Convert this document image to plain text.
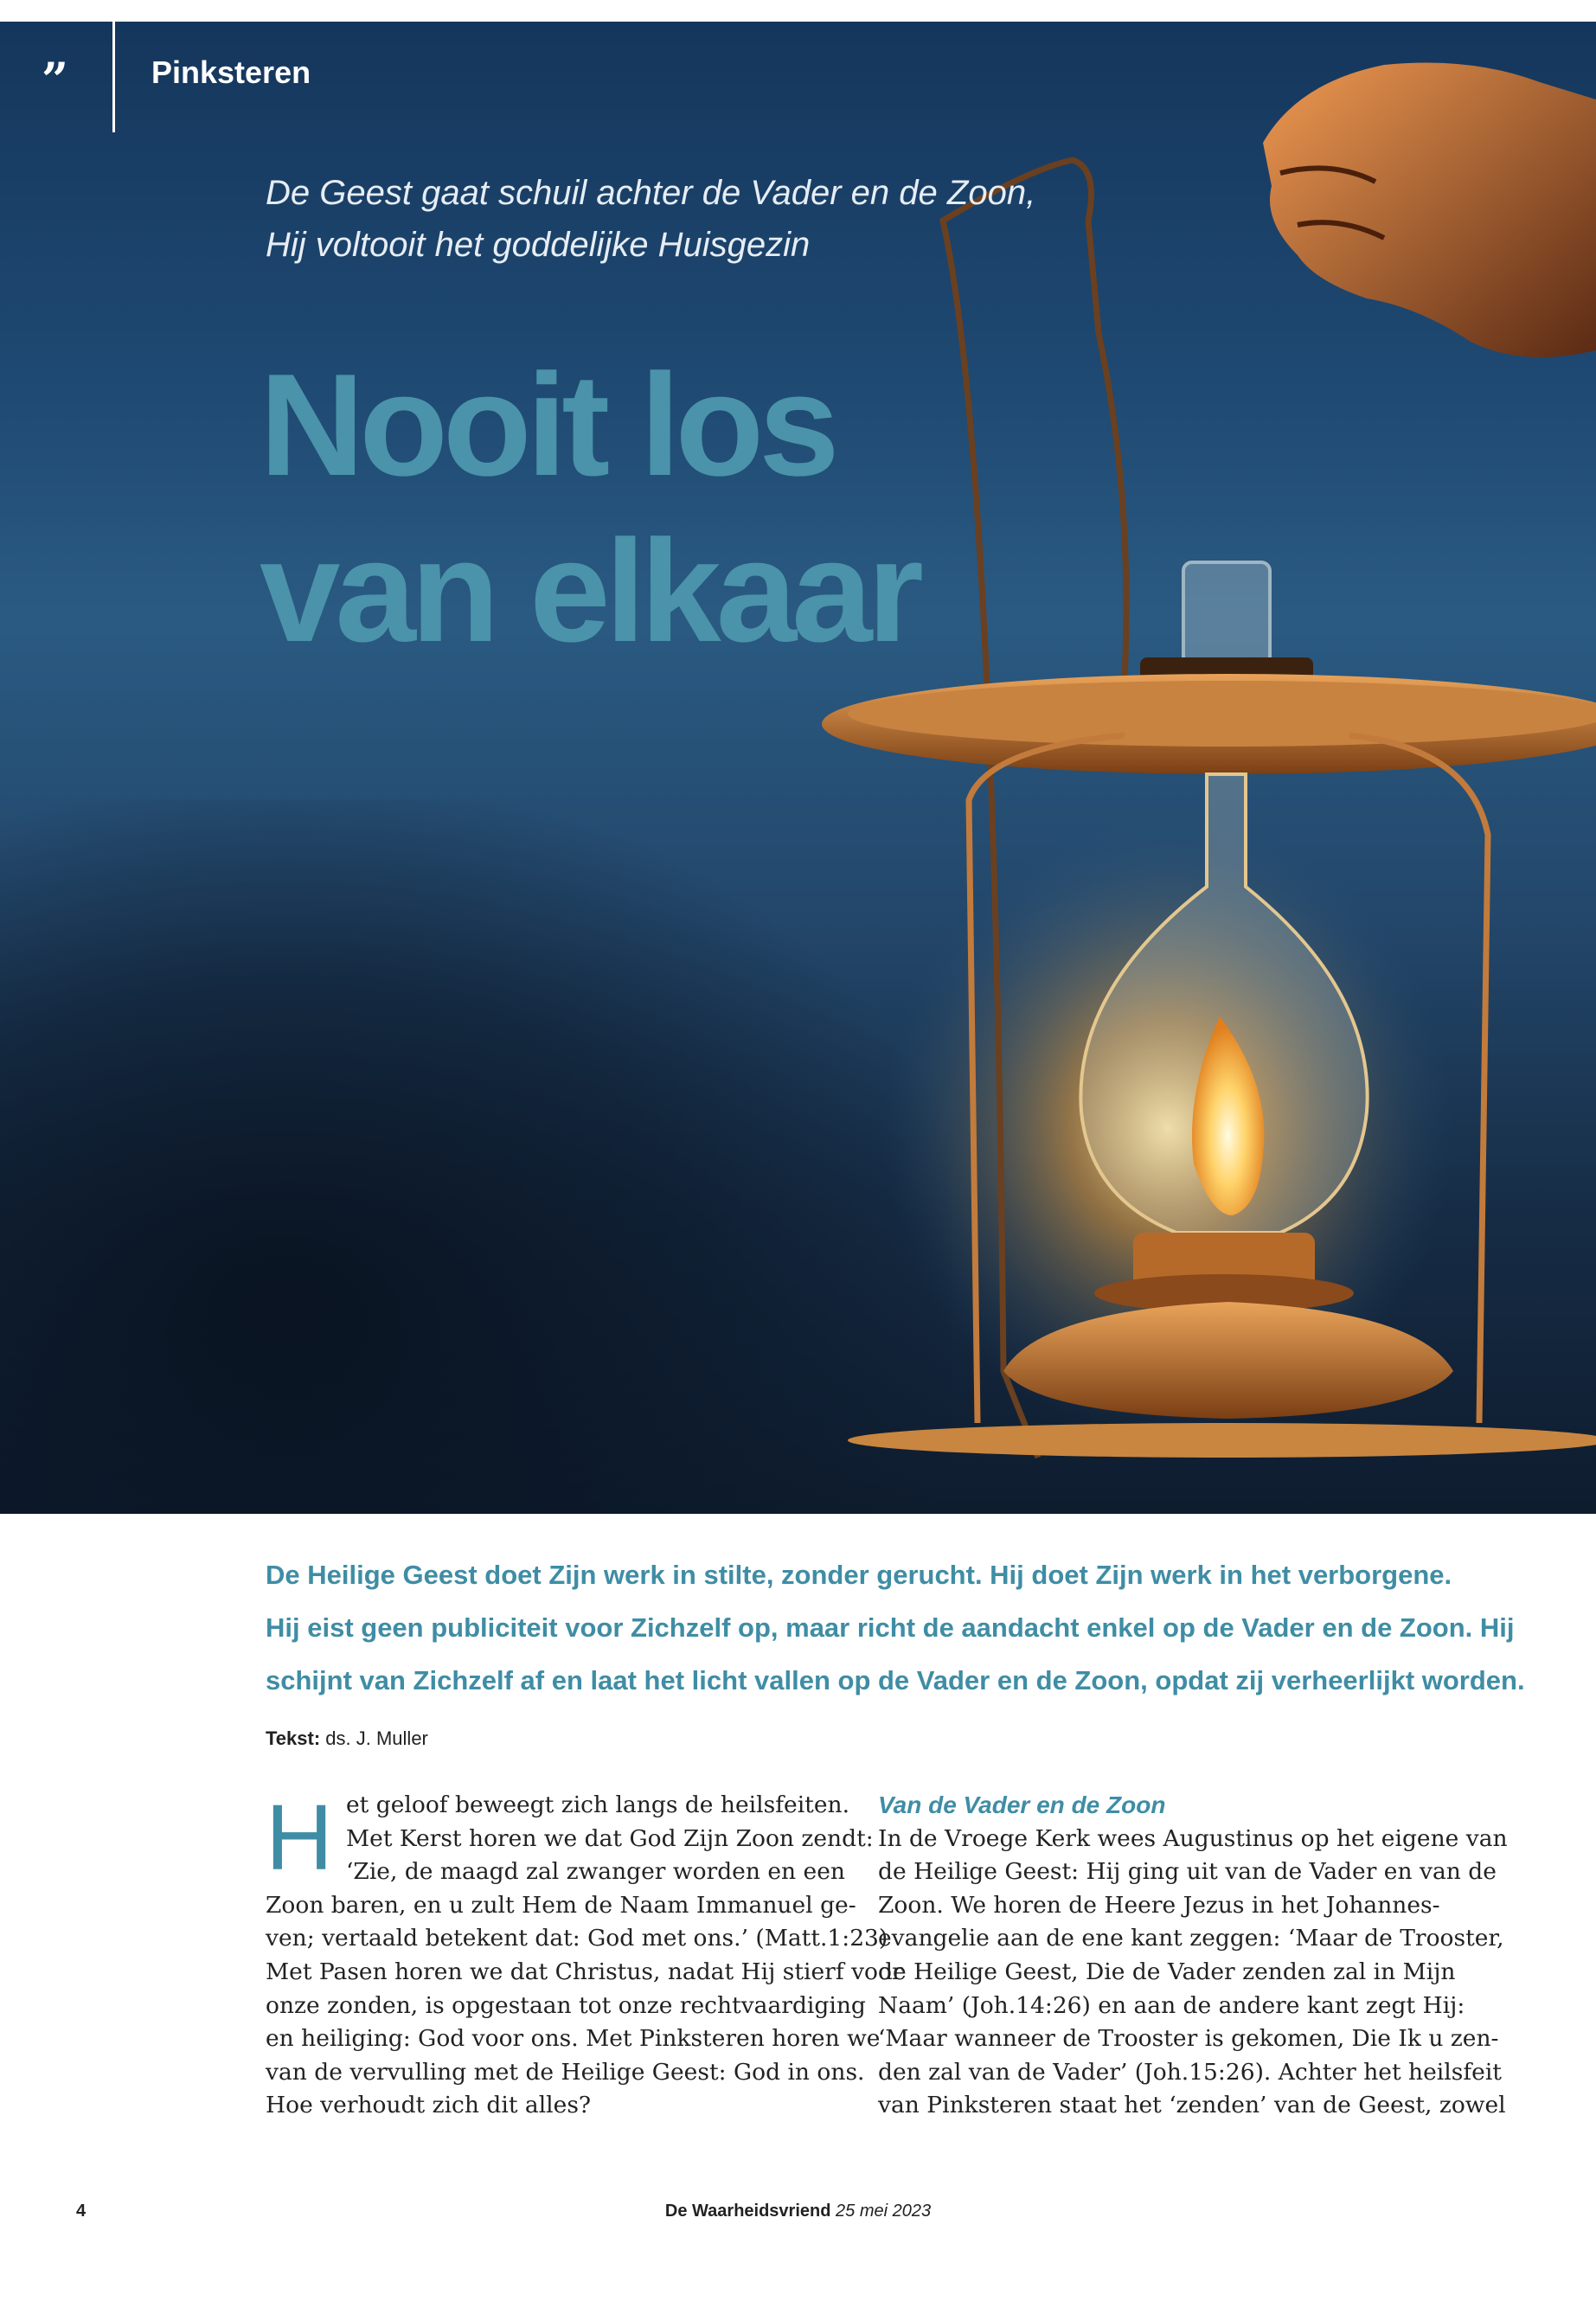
”	Pinksteren
De Geest gaat schuil achter de Vader en de Zoon,
Hij voltooit het goddelijke Huisgezin
Nooit los
van elkaar
De Heilige Geest doet Zijn werk in stilte, zonder gerucht. Hij doet Zijn werk in het verborgene.
Hij eist geen publiciteit voor Zichzelf op, maar richt de aandacht enkel op de Vader en de Zoon. Hij
schijnt van Zichzelf af en laat het licht vallen op de Vader en de Zoon, opdat zij verheerlijkt worden.
Tekst: ds. J. Muller
H et geloof beweegt zich langs de heilsfeiten.
Met Kerst horen we dat God Zijn Zoon zendt:
‘Zie, de maagd zal zwanger worden en een
Zoon baren, en u zult Hem de Naam Immanuel ge-
ven; vertaald betekent dat: God met ons.’ (Matt.1:23)
Met Pasen horen we dat Christus, nadat Hij stierf voor
onze zonden, is opgestaan tot onze rechtvaardiging
en heiliging: God voor ons. Met Pinksteren horen we
van de vervulling met de Heilige Geest: God in ons.
Hoe verhoudt zich dit alles?
Van de Vader en de Zoon
In de Vroege Kerk wees Augustinus op het eigene van
de Heilige Geest: Hij ging uit van de Vader en van de
Zoon. We horen de Heere Jezus in het Johannes-
evangelie aan de ene kant zeggen: ‘Maar de Trooster,
de Heilige Geest, Die de Vader zenden zal in Mijn
Naam’ (Joh.14:26) en aan de andere kant zegt Hij:
‘Maar wanneer de Trooster is gekomen, Die Ik u zen-
den zal van de Vader’ (Joh.15:26). Achter het heilsfeit
van Pinksteren staat het ‘zenden’ van de Geest, zowel
4	De Waarheidsvriend 25 mei 2023
